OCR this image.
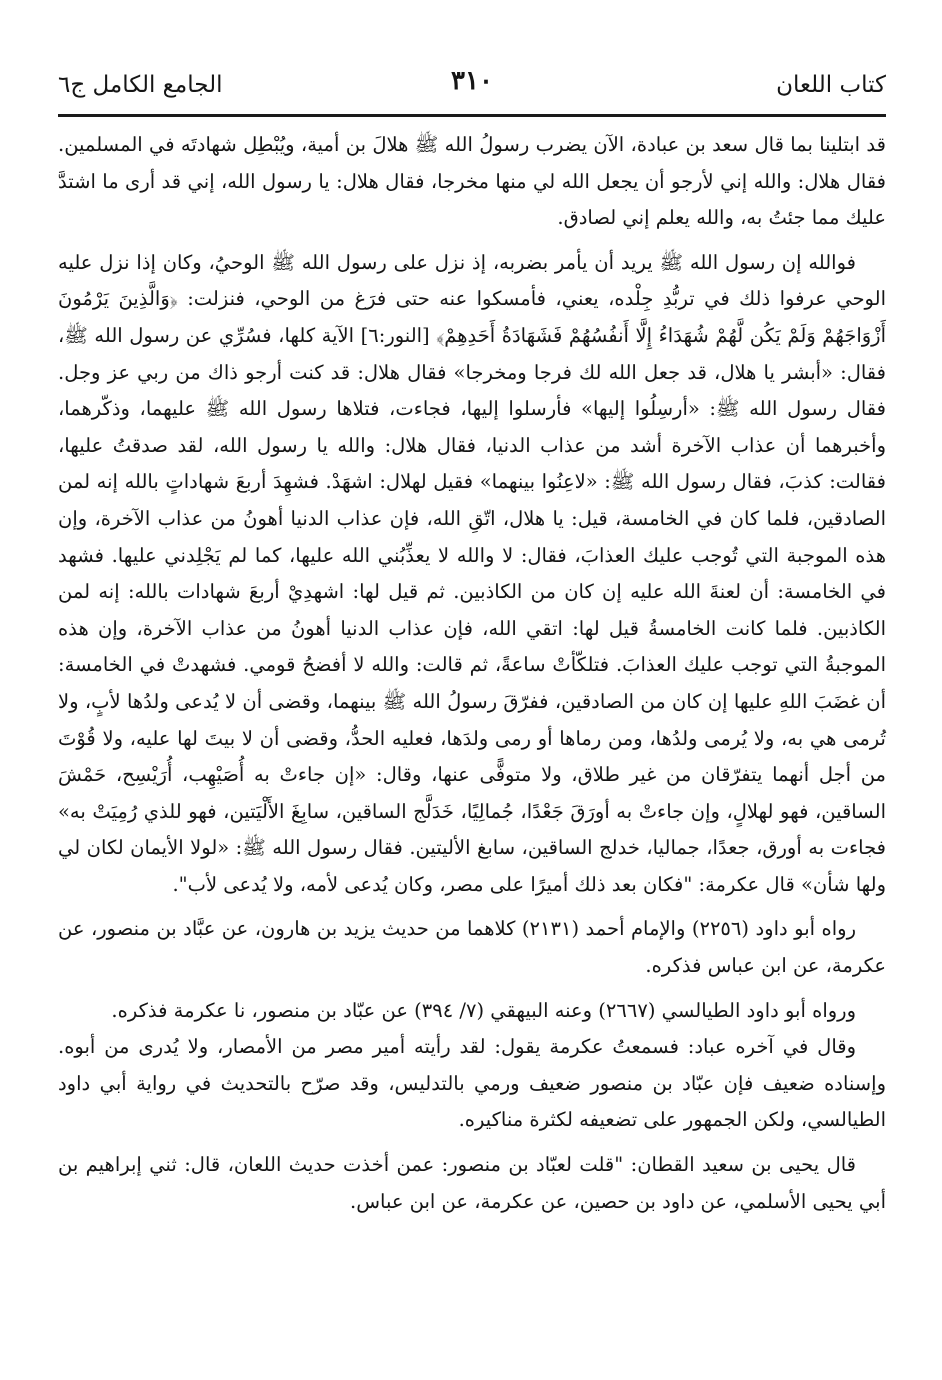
كتاب اللعان
٣١٠
الجامع الكامل ج٦

قد ابتلينا بما قال سعد بن عبادة، الآن يضرب رسولُ الله ﷺ هلالَ بن أمية، ويُبْطِل شهادتَه في المسلمين. فقال هلال: والله إني لأرجو أن يجعل الله لي منها مخرجا، فقال هلال: يا رسول الله، إني قد أرى ما اشتدَّ عليك مما جئتُ به، والله يعلم إني لصادق.

فوالله إن رسول الله ﷺ يريد أن يأمر بضربه، إذ نزل على رسول الله ﷺ الوحيُ، وكان إذا نزل عليه الوحي عرفوا ذلك في تربُّدِ جِلْده، يعني، فأمسكوا عنه حتى فرَغ من الوحي، فنزلت: ﴿وَالَّذِينَ يَرْمُونَ أَزْوَاجَهُمْ وَلَمْ يَكُن لَّهُمْ شُهَدَاءُ إِلَّا أَنفُسُهُمْ فَشَهَادَةُ أَحَدِهِمْ﴾ [النور:٦] الآية كلها، فسُرِّي عن رسول الله ﷺ، فقال: «أبشر يا هلال، قد جعل الله لك فرجا ومخرجا» فقال هلال: قد كنت أرجو ذاك من ربي عز وجل. فقال رسول الله ﷺ: «أرسِلُوا إليها» فأرسلوا إليها، فجاءت، فتلاها رسول الله ﷺ عليهما، وذكّرهما، وأخبرهما أن عذاب الآخرة أشد من عذاب الدنيا، فقال هلال: والله يا رسول الله، لقد صدقتُ عليها، فقالت: كذبَ، فقال رسول الله ﷺ: «لاعِنُوا بينهما» فقيل لهلال: اشهَدْ. فشهِدَ أربعَ شهاداتٍ بالله إنه لمن الصادقين، فلما كان في الخامسة، قيل: يا هلال، اتّقِ الله، فإن عذاب الدنيا أهونُ من عذاب الآخرة، وإن هذه الموجبة التي تُوجب عليك العذابَ، فقال: لا والله لا يعذِّبُني الله عليها، كما لم يَجْلِدني عليها. فشهد في الخامسة: أن لعنةَ الله عليه إن كان من الكاذبين. ثم قيل لها: اشهدِيْ أربعَ شهادات بالله: إنه لمن الكاذبين. فلما كانت الخامسةُ قيل لها: اتقي الله، فإن عذاب الدنيا أهونُ من عذاب الآخرة، وإن هذه الموجبةُ التي توجب عليك العذابَ. فتلكّأتْ ساعةً، ثم قالت: والله لا أفضحُ قومي. فشهدتْ في الخامسة: أن غضَبَ اللهِ عليها إن كان من الصادقين، ففرّقَ رسولُ الله ﷺ بينهما، وقضى أن لا يُدعى ولدُها لأبٍ، ولا تُرمى هي به، ولا يُرمى ولدُها، ومن رماها أو رمى ولدَها، فعليه الحدُّ، وقضى أن لا بيتَ لها عليه، ولا قُوْتَ من أجل أنهما يتفرّقان من غير طلاق، ولا متوفًّى عنها، وقال: «إن جاءتْ به أُصَيْهِب، أُرَيْسِح، حَمْشَ الساقين، فهو لهلالٍ، وإن جاءتْ به أورَقَ جَعْدًا، جُمالِيًا، خَدَلَّج الساقين، سابِغَ الأَلْيَتين، فهو للذي رُمِيَتْ به» فجاءت به أورق، جعدًا، جماليا، خدلج الساقين، سابغ الأليتين. فقال رسول الله ﷺ: «لولا الأيمان لكان لي ولها شأن» قال عكرمة: "فكان بعد ذلك أميرًا على مصر، وكان يُدعى لأمه، ولا يُدعى لأب".

رواه أبو داود (٢٢٥٦) والإمام أحمد (٢١٣١) كلاهما من حديث يزيد بن هارون، عن عبَّاد بن منصور، عن عكرمة، عن ابن عباس فذكره.

ورواه أبو داود الطيالسي (٢٦٦٧) وعنه البيهقي (٧/ ٣٩٤) عن عبّاد بن منصور، نا عكرمة فذكره.

وقال في آخره عباد: فسمعتُ عكرمة يقول: لقد رأيته أمير مصر من الأمصار، ولا يُدرى من أبوه. وإسناده ضعيف فإن عبّاد بن منصور ضعيف ورمي بالتدليس، وقد صرّح بالتحديث في رواية أبي داود الطيالسي، ولكن الجمهور على تضعيفه لكثرة مناكيره.

قال يحيى بن سعيد القطان: "قلت لعبّاد بن منصور: عمن أخذت حديث اللعان، قال: ثني إبراهيم بن أبي يحيى الأسلمي، عن داود بن حصين، عن عكرمة، عن ابن عباس.
